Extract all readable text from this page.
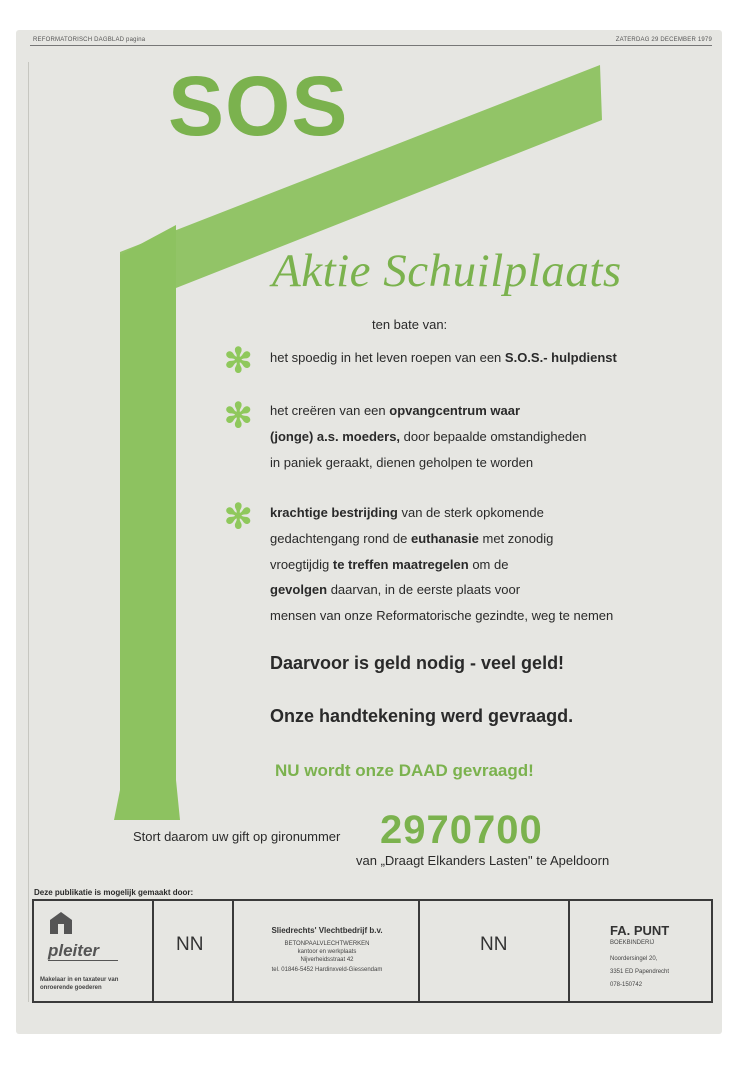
REFORMATORISCH DAGBLAD pagina	ZATERDAG 29 DECEMBER 1979
SOS
Aktie Schuilplaats
ten bate van:
✻ het spoedig in het leven roepen van een S.O.S.- hulpdienst
✻ het creëren van een opvangcentrum waar
(jonge) a.s. moeders, door bepaalde omstandigheden
in paniek geraakt, dienen geholpen te worden
✻ krachtige bestrijding van de sterk opkomende
gedachtengang rond de euthanasie met zonodig
vroegtijdig te treffen maatregelen om de
gevolgen daarvan, in de eerste plaats voor
mensen van onze Reformatorische gezindte, weg te nemen
Daarvoor is geld nodig - veel geld!
Onze handtekening werd gevraagd.
NU wordt onze DAAD gevraagd!
Stort daarom uw gift op gironummer 2970700
van „Draagt Elkanders Lasten" te Apeldoorn
Deze publikatie is mogelijk gemaakt door:
pleiter
Makelaar in en taxateur van
onroerende goederen
NN
Sliedrechts' Vlechtbedrijf b.v.
BETONPAALVLECHTWERKEN
kantoor en werkplaats
Nijverheidsstraat 42
tel. 01846-5452 Hardinxveld-Giessendam
NN
FA. PUNT
BOEKBINDERIJ
Noordersingel 20,
3351 ED Papendrecht
078-150742
